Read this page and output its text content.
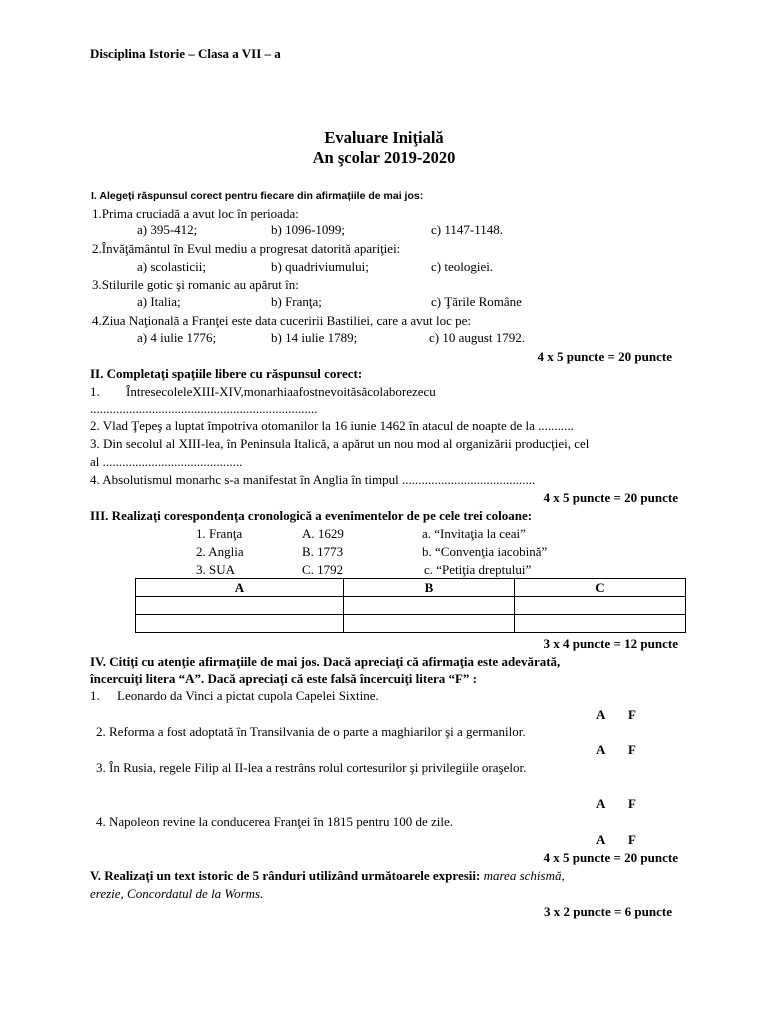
Disciplina Istorie – Clasa a VII – a
Evaluare Iniţială
An şcolar 2019-2020
I. Alegeți răspunsul corect pentru fiecare din afirmațiile de mai jos:
1.Prima cruciadă a avut loc în perioada:
a) 395-412;	b) 1096-1099;	c) 1147-1148.
2.Învăţământul în Evul mediu a progresat datorită apariţiei:
a) scolasticii;	b) quadriviumului;	c) teologiei.
3.Stilurile gotic şi romanic au apărut în:
a) Italia;	b) Franţa;	c) Ţările Române
4.Ziua Naţională a Franţei este data cuceririi Bastiliei, care a avut loc pe:
a) 4 iulie 1776;	b) 14 iulie 1789;	c) 10 august 1792.
4 x 5 puncte = 20 puncte
II. Completaţi spaţiile libere cu răspunsul corect:
1. ÎntresecoleleXIII-XIV,monarhiaafostnevoităsăcolaborezecu
......................................................................
2. Vlad Ţepeş a luptat împotriva otomanilor la 16 iunie 1462 în atacul de noapte de la ...........
3. Din secolul al XIII-lea, în Peninsula Italică, a apărut un nou mod al organizării producţiei, cel
al ...........................................
4. Absolutismul monarhc s-a manifestat în Anglia în timpul .........................................
4 x 5 puncte = 20 puncte
III. Realizaţi corespondenţa cronologică a evenimentelor de pe cele trei coloane:
1. Franţa	A. 1629	a. “Invitaţia la ceai”
2. Anglia	B. 1773	b. “Convenţia iacobină”
3. SUA	C. 1792	c. “Petiţia dreptului”
A	B	C

3 x 4 puncte = 12 puncte
IV. Citiţi cu atenţie afirmaţiile de mai jos. Dacă apreciaţi că afirmaţia este adevărată,
încercuiţi litera “A”. Dacă apreciaţi că este falsă încercuiţi litera “F” :
1. Leonardo da Vinci a pictat cupola Capelei Sixtine.
A F
2. Reforma a fost adoptată în Transilvania de o parte a maghiarilor şi a germanilor.
A F
3. În Rusia, regele Filip al II-lea a restrâns rolul cortesurilor şi privilegiile oraşelor.
A F
4. Napoleon revine la conducerea Franţei în 1815 pentru 100 de zile.
A F
4 x 5 puncte = 20 puncte
V. Realizaţi un text istoric de 5 rânduri utilizând următoarele expresii: marea schismă,
erezie, Concordatul de la Worms.
3 x 2 puncte = 6 puncte
